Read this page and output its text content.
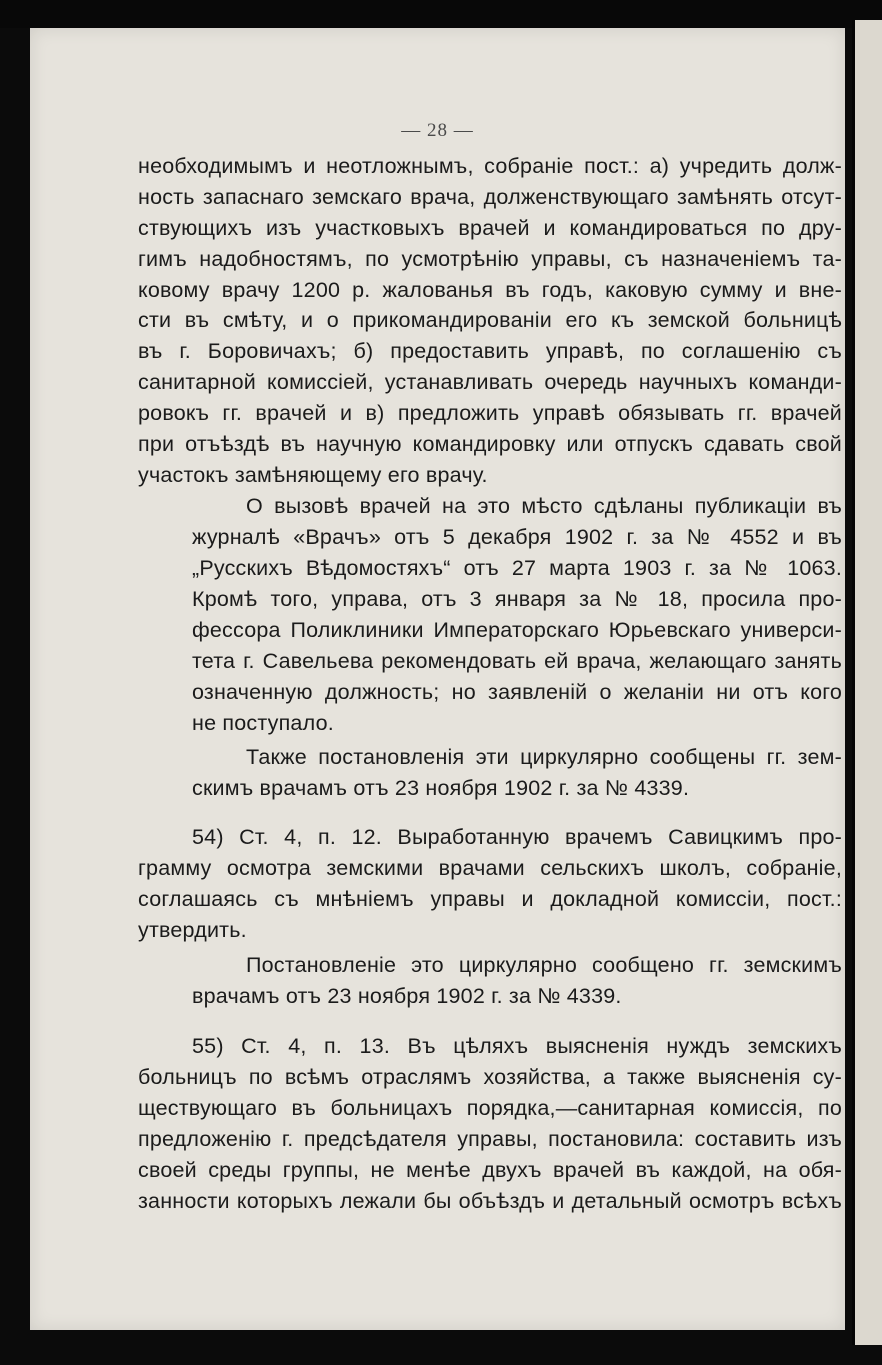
— 28 —

необходимымъ и неотложнымъ, собраніе пост.: а) учредить долж-

ность запаснаго земскаго врача, долженствующаго замѣнять отсут-

ствующихъ изъ участковыхъ врачей и командироваться по дру-

гимъ надобностямъ, по усмотрѣнію управы, съ назначеніемъ та-

ковому врачу 1200 р. жалованья въ годъ, каковую сумму и вне-

сти въ смѣту, и о прикомандированіи его къ земской больницѣ

въ г. Боровичахъ; б) предоставить управѣ, по соглашенію съ

санитарной комиссіей, устанавливать очередь научныхъ команди-

ровокъ гг. врачей и в) предложить управѣ обязывать гг. врачей

при отъѣздѣ въ научную командировку или отпускъ сдавать свой

участокъ замѣняющему его врачу.

О вызовѣ врачей на это мѣсто сдѣланы публикаціи въ

журналѣ «Врачъ» отъ 5 декабря 1902 г. за № 4552 и въ

„Русскихъ Вѣдомостяхъ“ отъ 27 марта 1903 г. за № 1063.

Кромѣ того, управа, отъ 3 января за № 18, просила про-

фессора Поликлиники Императорскаго Юрьевскаго универси-

тета г. Савельева рекомендовать ей врача, желающаго занять

означенную должность; но заявленій о желаніи ни отъ кого

не поступало.

Также постановленія эти циркулярно сообщены гг. зем-

скимъ врачамъ отъ 23 ноября 1902 г. за № 4339.

54) Ст. 4, п. 12. Выработанную врачемъ Савицкимъ про-

грамму осмотра земскими врачами сельскихъ школъ, собраніе,

соглашаясь съ мнѣніемъ управы и докладной комиссіи, пост.:

утвердить.

Постановленіе это циркулярно сообщено гг. земскимъ

врачамъ отъ 23 ноября 1902 г. за № 4339.

55) Ст. 4, п. 13. Въ цѣляхъ выясненія нуждъ земскихъ

больницъ по всѣмъ отраслямъ хозяйства, а также выясненія су-

ществующаго въ больницахъ порядка,—санитарная комиссія, по

предложенію г. предсѣдателя управы, постановила: составить изъ

своей среды группы, не менѣе двухъ врачей въ каждой, на обя-

занности которыхъ лежали бы объѣздъ и детальный осмотръ всѣхъ
